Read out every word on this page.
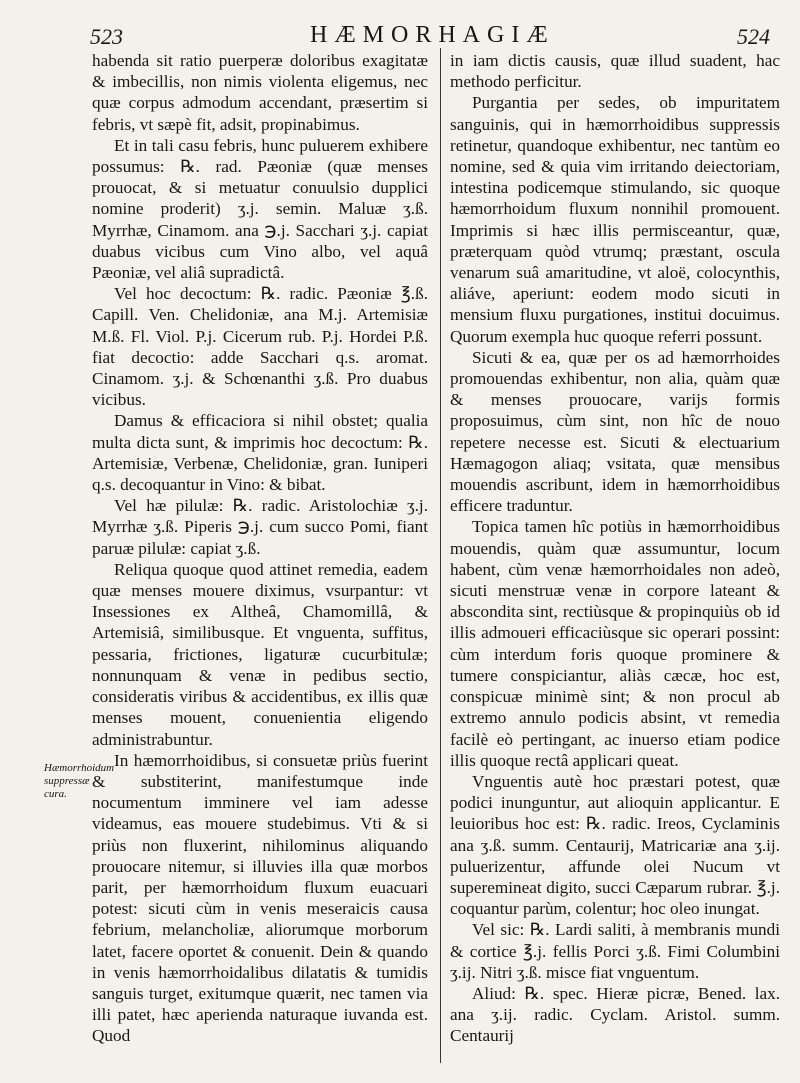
523	HÆMORHAGIÆ	524

habenda sit ratio puerperæ doloribus exagitatæ & imbecillis, non nimis violenta eligemus, nec quæ corpus admodum accendant, præsertim si febris, vt sæpè fit, adsit, propinabimus.

Et in tali casu febris, hunc puluerem exhibere possumus: ℞. rad. Pæoniæ (quæ menses prouocat, & si metuatur conuulsio dupplici nomine proderit) ʒ.j. semin. Maluæ ʒ.ß. Myrrhæ, Cinamom. ana ℈.j. Sacchari ʒ.j. capiat duabus vicibus cum Vino albo, vel aquâ Pæoniæ, vel aliâ supradictâ.

Vel hoc decoctum: ℞. radic. Pæoniæ ℥.ß. Capill. Ven. Chelidoniæ, ana M.j. Artemisiæ M.ß. Fl. Viol. P.j. Cicerum rub. P.j. Hordei P.ß. fiat decoctio: adde Sacchari q.s. aromat. Cinamom. ʒ.j. & Schœnanthi ʒ.ß. Pro duabus vicibus.

Damus & efficaciora si nihil obstet; qualia multa dicta sunt, & imprimis hoc decoctum: ℞. Artemisiæ, Verbenæ, Chelidoniæ, gran. Iuniperi q.s. decoquantur in Vino: & bibat.

Vel hæ pilulæ: ℞. radic. Aristolochiæ ʒ.j. Myrrhæ ʒ.ß. Piperis ℈.j. cum succo Pomi, fiant paruæ pilulæ: capiat ʒ.ß.

Reliqua quoque quod attinet remedia, eadem quæ menses mouere diximus, vsurpantur: vt Insessiones ex Altheâ, Chamomillâ, & Artemisiâ, similibusque. Et vnguenta, suffitus, pessaria, frictiones, ligaturæ cucurbitulæ; nonnunquam & venæ in pedibus sectio, consideratis viribus & accidentibus, ex illis quæ menses mouent, conuenientia eligendo administrabuntur.

In hæmorrhoidibus, si consuetæ priùs fuerint & substiterint, manifestumque inde nocumentum imminere vel iam adesse videamus, eas mouere studebimus. Vti & si priùs non fluxerint, nihilominus aliquando prouocare nitemur, si illuvies illa quæ morbos parit, per hæmorrhoidum fluxum euacuari potest: sicuti cùm in venis meseraicis causa febrium, melancholiæ, aliorumque morborum latet, facere oportet & conuenit. Dein & quando in venis hæmorrhoidalibus dilatatis & tumidis sanguis turget, exitumque quærit, nec tamen via illi patet, hæc aperienda naturaque iuvanda est. Quod

Hæmorrhoidum suppressæ cura.

in iam dictis causis, quæ illud suadent, hac methodo perficitur.

Purgantia per sedes, ob impuritatem sanguinis, qui in hæmorrhoidibus suppressis retinetur, quandoque exhibentur, nec tantùm eo nomine, sed & quia vim irritando deiectoriam, intestina podicemque stimulando, sic quoque hæmorrhoidum fluxum nonnihil promouent. Imprimis si hæc illis permisceantur, quæ, præterquam quòd vtrumq; præstant, osculа venarum suâ amaritudine, vt aloë, colocynthis, aliáve, aperiunt: eodem modo sicuti in mensium fluxu purgationes, institui docuimus. Quorum exempla huc quoque referri possunt.

Sicuti & ea, quæ per os ad hæmorrhoides promouendas exhibentur, non alia, quàm quæ & menses prouocare, varijs formis proposuimus, cùm sint, non hîc de nouo repetere necesse est. Sicuti & electuarium Hæmagogon aliaq; vsitata, quæ mensibus mouendis ascribunt, idem in hæmorrhoidibus efficere traduntur.

Topica tamen hîc potiùs in hæmorrhoidibus mouendis, quàm quæ assumuntur, locum habent, cùm venæ hæmorrhoidales non adeò, sicuti menstruæ venæ in corpore lateant & abscondita sint, rectiùsque & propinquiùs ob id illis admoueri efficaciùsque sic operari possint: cùm interdum foris quoque prominere & tumere conspiciantur, aliàs cæcæ, hoc est, conspicuæ minimè sint; & non procul ab extremo annulo podicis absint, vt remedia facilè eò pertingant, ac inuersо etiam podice illis quoque rectâ applicari queat.

Vnguentis autè hoc præstari potest, quæ podici inunguntur, aut alioquin applicantur. E leuioribus hoc est: ℞. radic. Ireos, Cyclaminis ana ʒ.ß. summ. Centaurij, Matricariæ ana ʒ.ij. puluerizentur, affunde olei Nucum vt superemineat digito, succi Cæparum rubrar. ℥.j. coquantur parùm, colentur; hoc oleo inungat.

Vel sic: ℞. Lardi saliti, à membranis mundi & cortice ℥.j. fellis Porci ʒ.ß. Fimi Columbini ʒ.ij. Nitri ʒ.ß. misce fiat vnguentum.

Aliud: ℞. spec. Hieræ picræ, Bened. lax. ana ʒ.ij. radic. Cyclam. Aristol. summ. Centaurij
